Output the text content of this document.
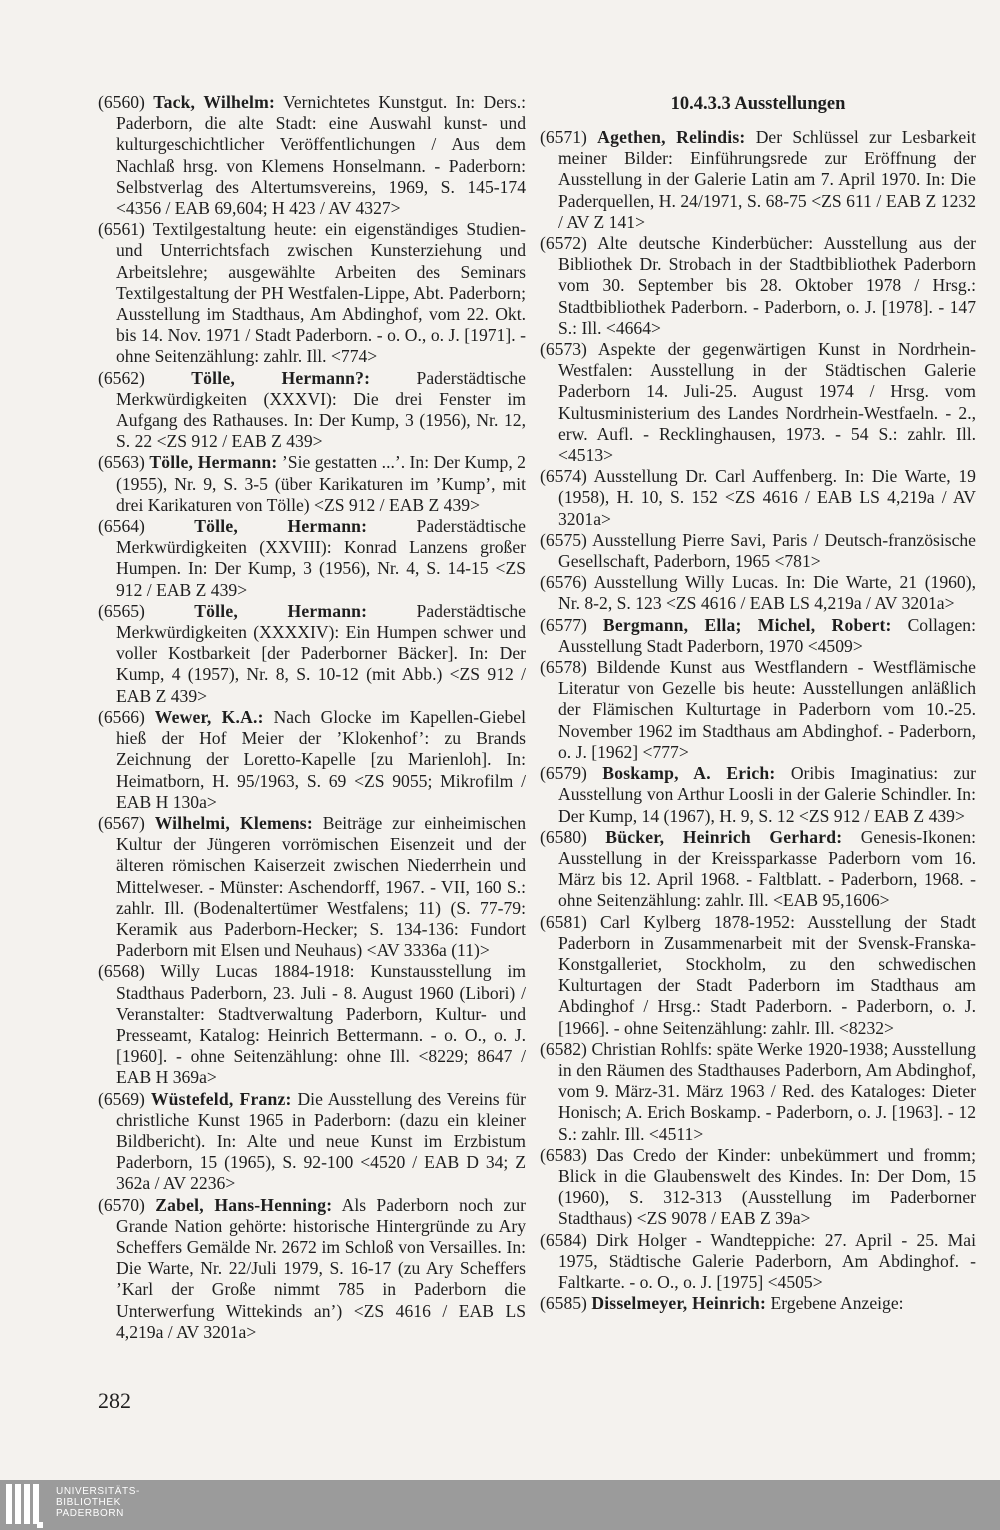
(6560) Tack, Wilhelm: Vernichtetes Kunstgut. In: Ders.: Paderborn, die alte Stadt: eine Auswahl kunst- und kulturgeschichtlicher Veröffentlichungen / Aus dem Nachlaß hrsg. von Klemens Honselmann. - Paderborn: Selbstverlag des Altertumsvereins, 1969, S. 145-174 <4356 / EAB 69,604; H 423 / AV 4327>

(6561) Textilgestaltung heute: ein eigenständiges Studien- und Unterrichtsfach zwischen Kunsterziehung und Arbeitslehre; ausgewählte Arbeiten des Seminars Textilgestaltung der PH Westfalen-Lippe, Abt. Paderborn; Ausstellung im Stadthaus, Am Abdinghof, vom 22. Okt. bis 14. Nov. 1971 / Stadt Paderborn. - o. O., o. J. [1971]. - ohne Seitenzählung: zahlr. Ill. <774>

(6562)	Tölle, Hermann?:	Paderstädtische Merkwürdigkeiten (XXXVI): Die drei Fenster im Aufgang des Rathauses. In: Der Kump, 3 (1956), Nr. 12, S. 22 <ZS 912 / EAB Z 439>

(6563) Tölle, Hermann: ’Sie gestatten ...’. In: Der Kump, 2 (1955), Nr. 9, S. 3-5 (über Karikaturen im ’Kump’, mit drei Karikaturen von Tölle) <ZS 912 / EAB Z 439>

(6564)	Tölle, Hermann:	Paderstädtische Merkwürdigkeiten (XXVIII): Konrad Lanzens großer Humpen. In: Der Kump, 3 (1956), Nr. 4, S. 14-15 <ZS 912 / EAB Z 439>

(6565)	Tölle, Hermann:	Paderstädtische Merkwürdigkeiten (XXXXIV): Ein Humpen schwer und voller Kostbarkeit [der Paderborner Bäcker]. In: Der Kump, 4 (1957), Nr. 8, S. 10-12 (mit Abb.) <ZS 912 / EAB Z 439>

(6566) Wewer, K.A.: Nach Glocke im Kapellen-Giebel hieß der Hof Meier der ’Klokenhof’: zu Brands Zeichnung der Loretto-Kapelle [zu Marienloh]. In: Heimatborn, H. 95/1963, S. 69 <ZS 9055; Mikrofilm / EAB H 130a>

(6567) Wilhelmi, Klemens: Beiträge zur einheimischen Kultur der Jüngeren vorrömischen Eisenzeit und der älteren römischen Kaiserzeit zwischen Niederrhein und Mittelweser. - Münster: Aschendorff, 1967. - VII, 160 S.: zahlr. Ill. (Bodenaltertümer Westfalens; 11) (S. 77-79: Keramik aus Paderborn-Hecker; S. 134-136: Fundort Paderborn mit Elsen und Neuhaus) <AV 3336a (11)>

(6568) Willy Lucas 1884-1918: Kunstausstellung im Stadthaus Paderborn, 23. Juli - 8. August 1960 (Libori) / Veranstalter: Stadtverwaltung Paderborn, Kultur- und Presseamt, Katalog: Heinrich Bettermann. - o. O., o. J. [1960]. - ohne Seitenzählung: ohne Ill. <8229; 8647 / EAB H 369a>

(6569) Wüstefeld, Franz: Die Ausstellung des Vereins für christliche Kunst 1965 in Paderborn: (dazu ein kleiner Bildbericht). In: Alte und neue Kunst im Erzbistum Paderborn, 15 (1965), S. 92-100 <4520 / EAB D 34; Z 362a / AV 2236>

(6570) Zabel, Hans-Henning: Als Paderborn noch zur Grande Nation gehörte: historische Hintergründe zu Ary Scheffers Gemälde Nr. 2672 im Schloß von Versailles. In: Die Warte, Nr. 22/Juli 1979, S. 16-17 (zu Ary Scheffers ’Karl der Große nimmt 785 in Paderborn die Unterwerfung Wittekinds an’) <ZS 4616 / EAB LS 4,219a / AV 3201a>

10.4.3.3 Ausstellungen

(6571) Agethen, Relindis: Der Schlüssel zur Lesbarkeit meiner Bilder: Einführungsrede zur Eröffnung der Ausstellung in der Galerie Latin am 7. April 1970. In: Die Paderquellen, H. 24/1971, S. 68-75 <ZS 611 / EAB Z 1232 / AV Z 141>

(6572) Alte deutsche Kinderbücher: Ausstellung aus der Bibliothek Dr. Strobach in der Stadtbibliothek Paderborn vom 30. September bis 28. Oktober 1978 / Hrsg.: Stadtbibliothek Paderborn. - Paderborn, o. J. [1978]. - 147 S.: Ill. <4664>

(6573) Aspekte der gegenwärtigen Kunst in Nordrhein-Westfalen: Ausstellung in der Städtischen Galerie Paderborn 14. Juli-25. August 1974 / Hrsg. vom Kultusministerium des Landes Nordrhein-Westfaeln. - 2., erw. Aufl. - Recklinghausen, 1973. - 54 S.: zahlr. Ill. <4513>

(6574) Ausstellung Dr. Carl Auffenberg. In: Die Warte, 19 (1958), H. 10, S. 152 <ZS 4616 / EAB LS 4,219a / AV 3201a>

(6575) Ausstellung Pierre Savi, Paris / Deutsch-französische Gesellschaft, Paderborn, 1965 <781>

(6576) Ausstellung Willy Lucas. In: Die Warte, 21 (1960), Nr. 8-2, S. 123 <ZS 4616 / EAB LS 4,219a / AV 3201a>

(6577) Bergmann, Ella; Michel, Robert: Collagen: Ausstellung Stadt Paderborn, 1970 <4509>

(6578) Bildende Kunst aus Westflandern - Westflämische Literatur von Gezelle bis heute: Ausstellungen anläßlich der Flämischen Kulturtage in Paderborn vom 10.-25. November 1962 im Stadthaus am Abdinghof. - Paderborn, o. J. [1962] <777>

(6579) Boskamp, A. Erich: Oribis Imaginatius: zur Ausstellung von Arthur Loosli in der Galerie Schindler. In: Der Kump, 14 (1967), H. 9, S. 12 <ZS 912 / EAB Z 439>

(6580) Bücker, Heinrich Gerhard: Genesis-Ikonen: Ausstellung in der Kreissparkasse Paderborn vom 16. März bis 12. April 1968. - Faltblatt. - Paderborn, 1968. - ohne Seitenzählung: zahlr. Ill. <EAB 95,1606>

(6581) Carl Kylberg 1878-1952: Ausstellung der Stadt Paderborn in Zusammenarbeit mit der Svensk-Franska-Konstgalleriet, Stockholm, zu den schwedischen Kulturtagen der Stadt Paderborn im Stadthaus am Abdinghof / Hrsg.: Stadt Paderborn. - Paderborn, o. J. [1966]. - ohne Seitenzählung: zahlr. Ill. <8232>

(6582) Christian Rohlfs: späte Werke 1920-1938; Ausstellung in den Räumen des Stadthauses Paderborn, Am Abdinghof, vom 9. März-31. März 1963 / Red. des Kataloges: Dieter Honisch; A. Erich Boskamp. - Paderborn, o. J. [1963]. - 12 S.: zahlr. Ill. <4511>

(6583) Das Credo der Kinder: unbekümmert und fromm; Blick in die Glaubenswelt des Kindes. In: Der Dom, 15 (1960), S. 312-313 (Ausstellung im Paderborner Stadthaus) <ZS 9078 / EAB Z 39a>

(6584) Dirk Holger - Wandteppiche: 27. April - 25. Mai 1975, Städtische Galerie Paderborn, Am Abdinghof. - Faltkarte. - o. O., o. J. [1975] <4505>

(6585) Disselmeyer, Heinrich: Ergebene Anzeige:

282
UNIVERSITÄTS-
BIBLIOTHEK
PADERBORN
